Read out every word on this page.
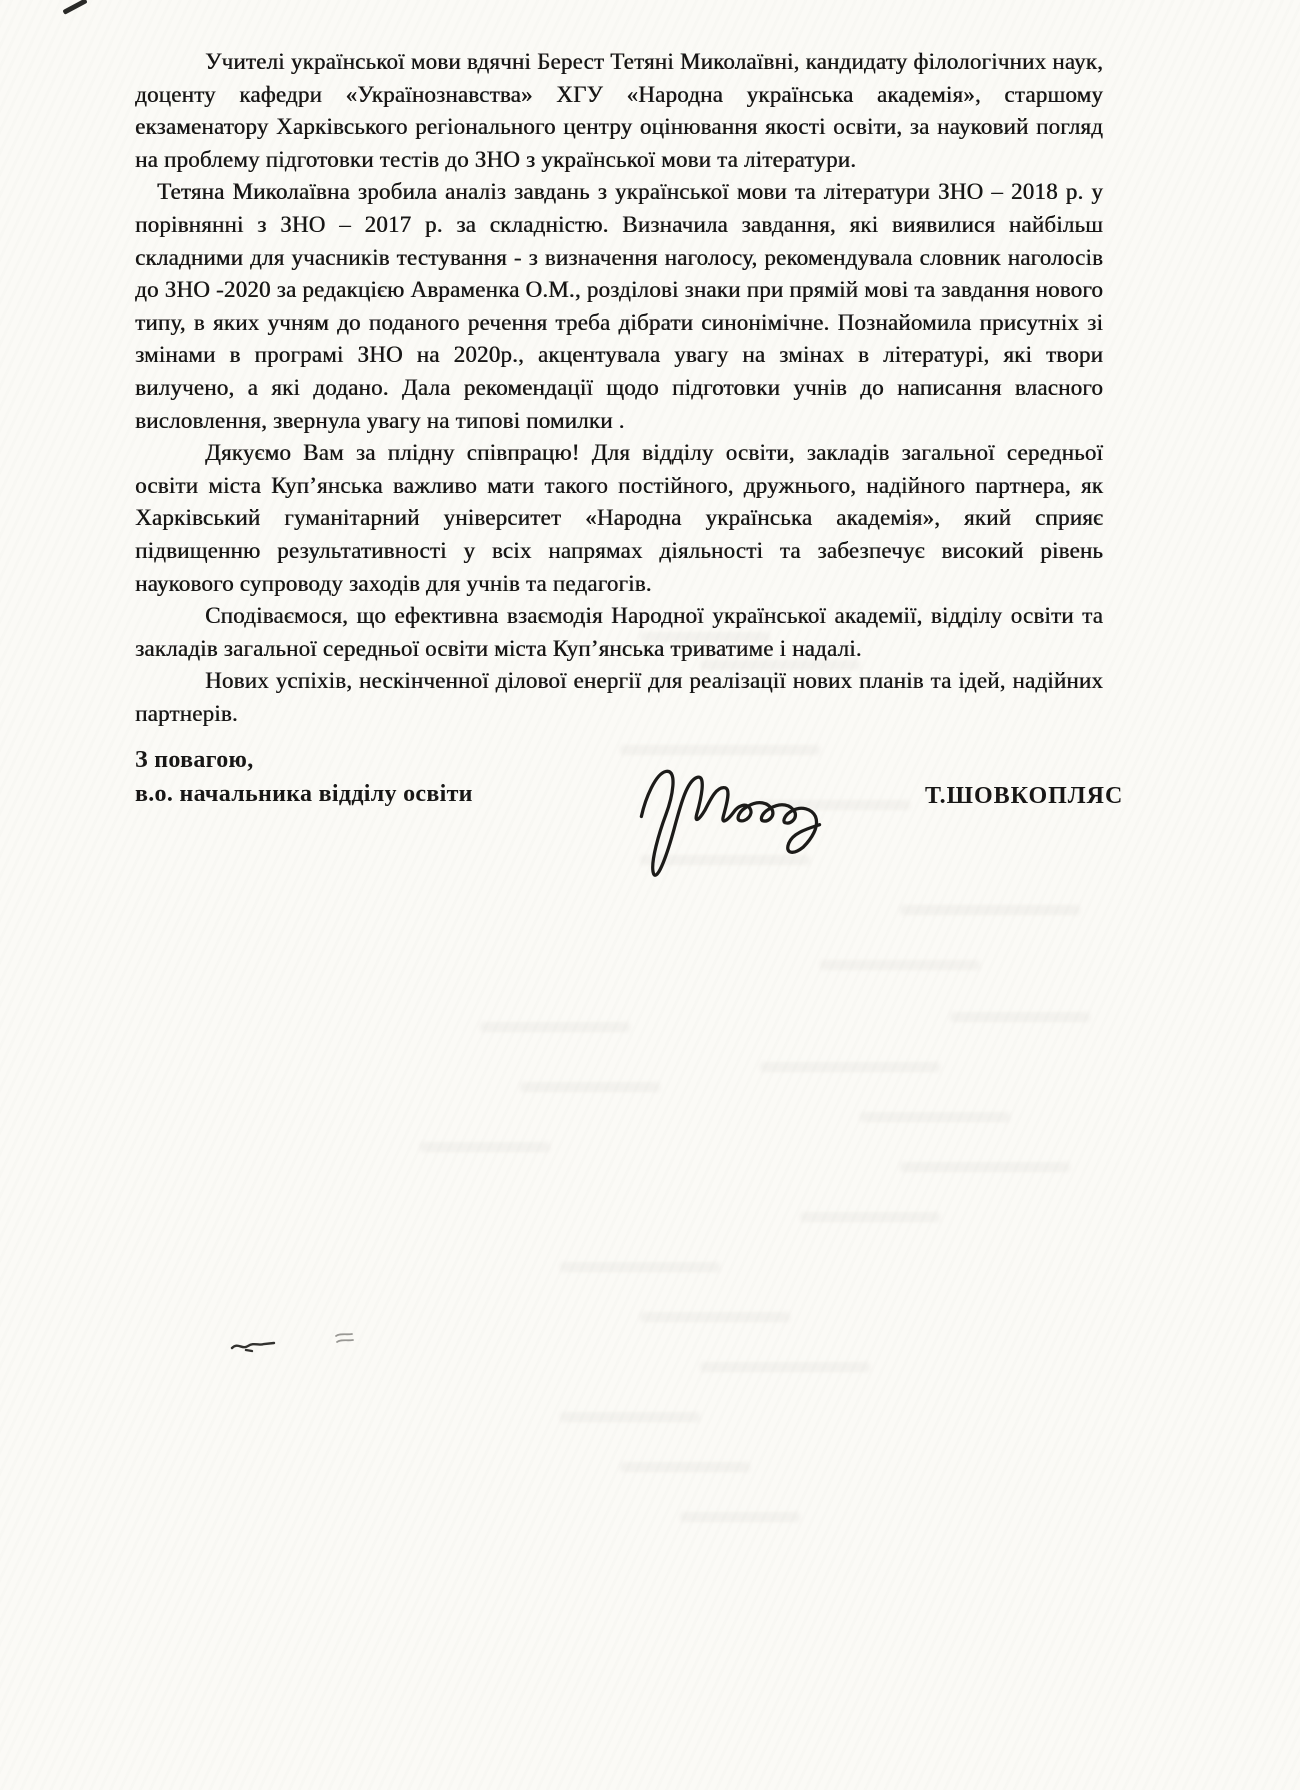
Учителі української мови вдячні Берест Тетяні Миколаївні, кандидату філологічних наук, доценту кафедри «Українознавства» ХГУ «Народна українська академія», старшому екзаменатору Харківського регіонального центру оцінювання якості освіти, за науковий погляд на проблему підготовки тестів до ЗНО з української мови та літератури.

Тетяна Миколаївна зробила аналіз завдань з української мови та літератури ЗНО – 2018 р. у порівнянні з ЗНО – 2017 р. за складністю. Визначила завдання, які виявилися найбільш складними для учасників тестування - з визначення наголосу, рекомендувала словник наголосів до ЗНО -2020 за редакцією Авраменка О.М., розділові знаки при прямій мові та завдання нового типу, в яких учням до поданого речення треба дібрати синонімічне. Познайомила присутніх зі змінами в програмі ЗНО на 2020р., акцентувала увагу на змінах в літературі, які твори вилучено, а які додано. Дала рекомендації щодо підготовки учнів до написання власного висловлення, звернула увагу на типові помилки .

Дякуємо Вам за плідну співпрацю! Для відділу освіти, закладів загальної середньої освіти міста Куп’янська важливо мати такого постійного, дружнього, надійного партнера, як Харківський гуманітарний університет «Народна українська академія», який сприяє підвищенню результативності у всіх напрямах діяльності та забезпечує високий рівень наукового супроводу заходів для учнів та педагогів.

Сподіваємося, що ефективна взаємодія Народної української академії, відділу освіти та закладів загальної середньої освіти міста Куп’янська триватиме і надалі.

Нових успіхів, нескінченної ділової енергії для реалізації нових планів та ідей, надійних партнерів.

З повагою,
в.о. начальника відділу освіти	Т.ШОВКОПЛЯС
